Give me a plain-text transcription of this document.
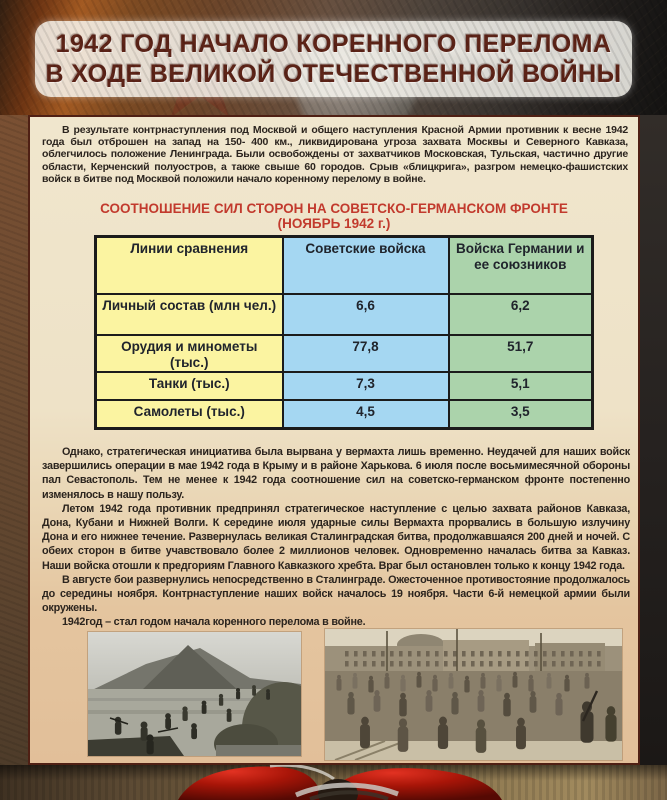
1942 ГОД НАЧАЛО КОРЕННОГО ПЕРЕЛОМА
В ХОДЕ ВЕЛИКОЙ ОТЕЧЕСТВЕННОЙ ВОЙНЫ
В результате контрнаступления под Москвой и общего наступления Красной Армии противник к весне 1942 года был отброшен на запад на 150- 400 км., ликвидирована угроза захвата Москвы и Северного Кавказа, облегчилось положение Ленинграда. Были освобождены от захватчиков Московская, Тульская, частично другие области, Керченский полуостров, а также свыше 60 городов. Срыв «блицкрига», разгром немецко-фашистских войск в битве под Москвой положили начало коренному перелому в войне.
СООТНОШЕНИЕ СИЛ СТОРОН НА СОВЕТСКО-ГЕРМАНСКОМ ФРОНТЕ
(НОЯБРЬ 1942 г.)
Линии сравнения	Советские войска	Войска Германии и ее союзников
Личный состав (млн чел.)	6,6	6,2
Орудия и минометы (тыс.)	77,8	51,7
Танки (тыс.)	7,3	5,1
Самолеты (тыс.)	4,5	3,5

Однако, стратегическая инициатива была вырвана у вермахта лишь временно. Неудачей для наших войск завершились операции в мае 1942 года в Крыму и в районе Харькова. 6 июля после восьмимесячной обороны пал Севастополь. Тем не менее к 1942 года соотношение сил на советско-германском фронте постепенно изменялось в нашу пользу.

Летом 1942 года противник предпринял стратегическое наступление с целью захвата районов Кавказа, Дона, Кубани и Нижней Волги. К середине июля ударные силы Вермахта прорвались в большую излучину Дона и его нижнее течение. Развернулась великая Сталинградская битва, продолжавшаяся 200 дней и ночей. С обеих сторон в битве учавствовало более 2 миллионов человек. Одновременно началась битва за Кавказ. Наши войска отошли к предгориям Главного Кавказкого хребта. Враг был остановлен только к концу 1942 года.

В августе бои развернулись непосредственно в Сталинграде. Ожесточенное противостояние продолжалось до середины ноября. Контрнаступление наших войск началось 19 ноября. Части 6-й немецкой армии были окружены.

1942год – стал годом начала коренного перелома в войне.
